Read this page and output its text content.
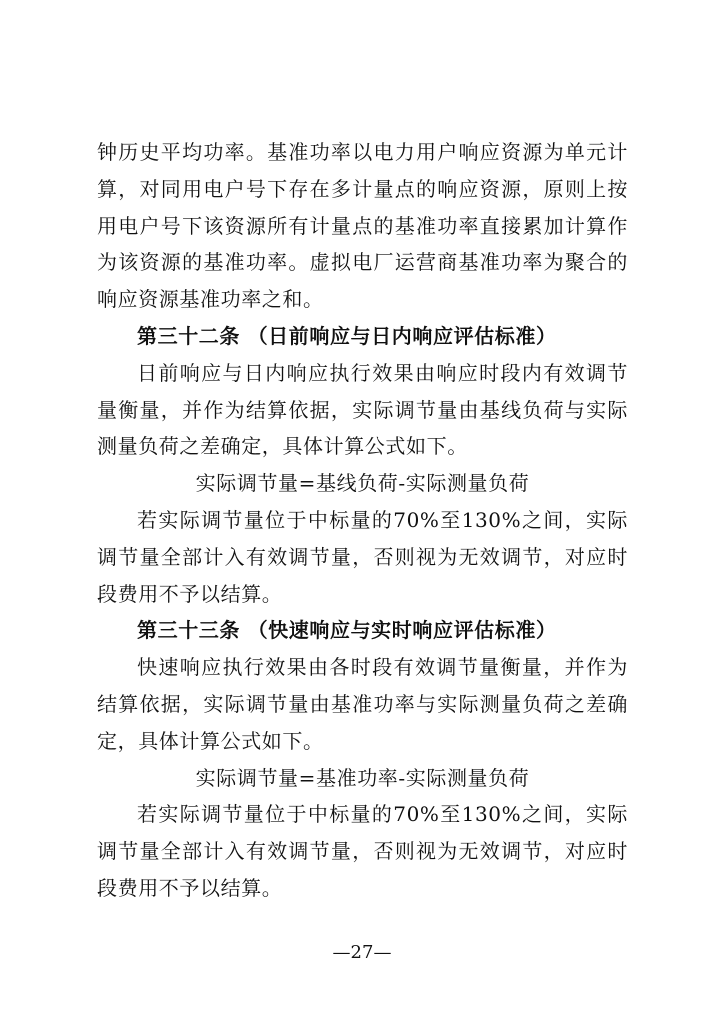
钟历史平均功率。基准功率以电力用户响应资源为单元计算，对同用电户号下存在多计量点的响应资源，原则上按用电户号下该资源所有计量点的基准功率直接累加计算作为该资源的基准功率。虚拟电厂运营商基准功率为聚合的响应资源基准功率之和。

第三十二条 （日前响应与日内响应评估标准）

日前响应与日内响应执行效果由响应时段内有效调节量衡量，并作为结算依据，实际调节量由基线负荷与实际测量负荷之差确定，具体计算公式如下。

实际调节量=基线负荷-实际测量负荷

若实际调节量位于中标量的70%至130%之间，实际调节量全部计入有效调节量，否则视为无效调节，对应时段费用不予以结算。

第三十三条 （快速响应与实时响应评估标准）

快速响应执行效果由各时段有效调节量衡量，并作为结算依据，实际调节量由基准功率与实际测量负荷之差确定，具体计算公式如下。

实际调节量=基准功率-实际测量负荷

若实际调节量位于中标量的70%至130%之间，实际调节量全部计入有效调节量，否则视为无效调节，对应时段费用不予以结算。

—27—
